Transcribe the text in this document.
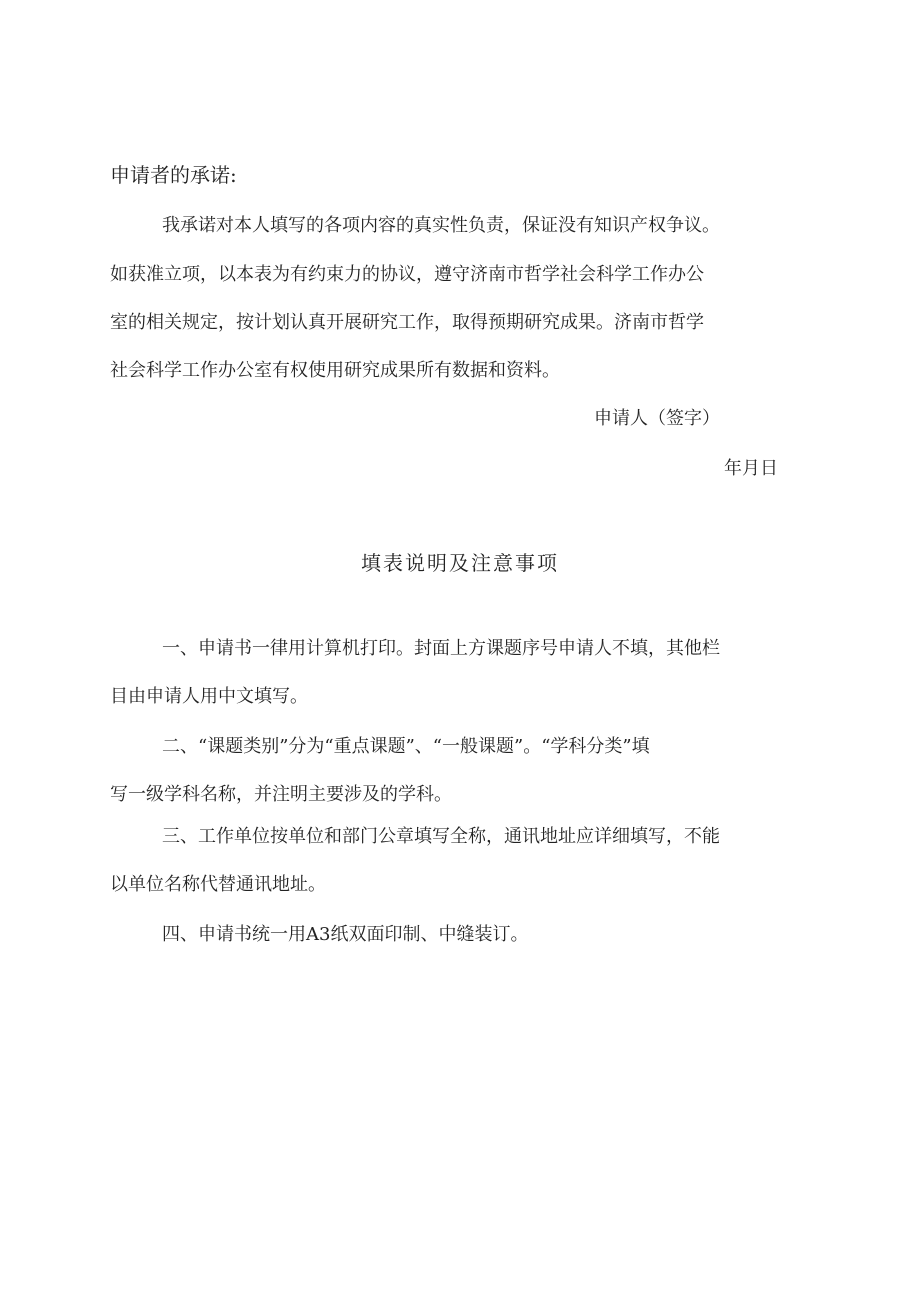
申请者的承诺:
我承诺对本人填写的各项内容的真实性负责，保证没有知识产权争议。
如获准立项，以本表为有约束力的协议，遵守济南市哲学社会科学工作办公
室的相关规定，按计划认真开展研究工作，取得预期研究成果。济南市哲学
社会科学工作办公室有权使用研究成果所有数据和资料。
申请人（签字）
年月日
填表说明及注意事项
一、申请书一律用计算机打印。封面上方课题序号申请人不填，其他栏
目由申请人用中文填写。
二、“课题类别”分为“重点课题”、“一般课题”。“学科分类”填
写一级学科名称，并注明主要涉及的学科。
三、工作单位按单位和部门公章填写全称，通讯地址应详细填写，不能
以单位名称代替通讯地址。
四、申请书统一用A3纸双面印制、中缝装订。
